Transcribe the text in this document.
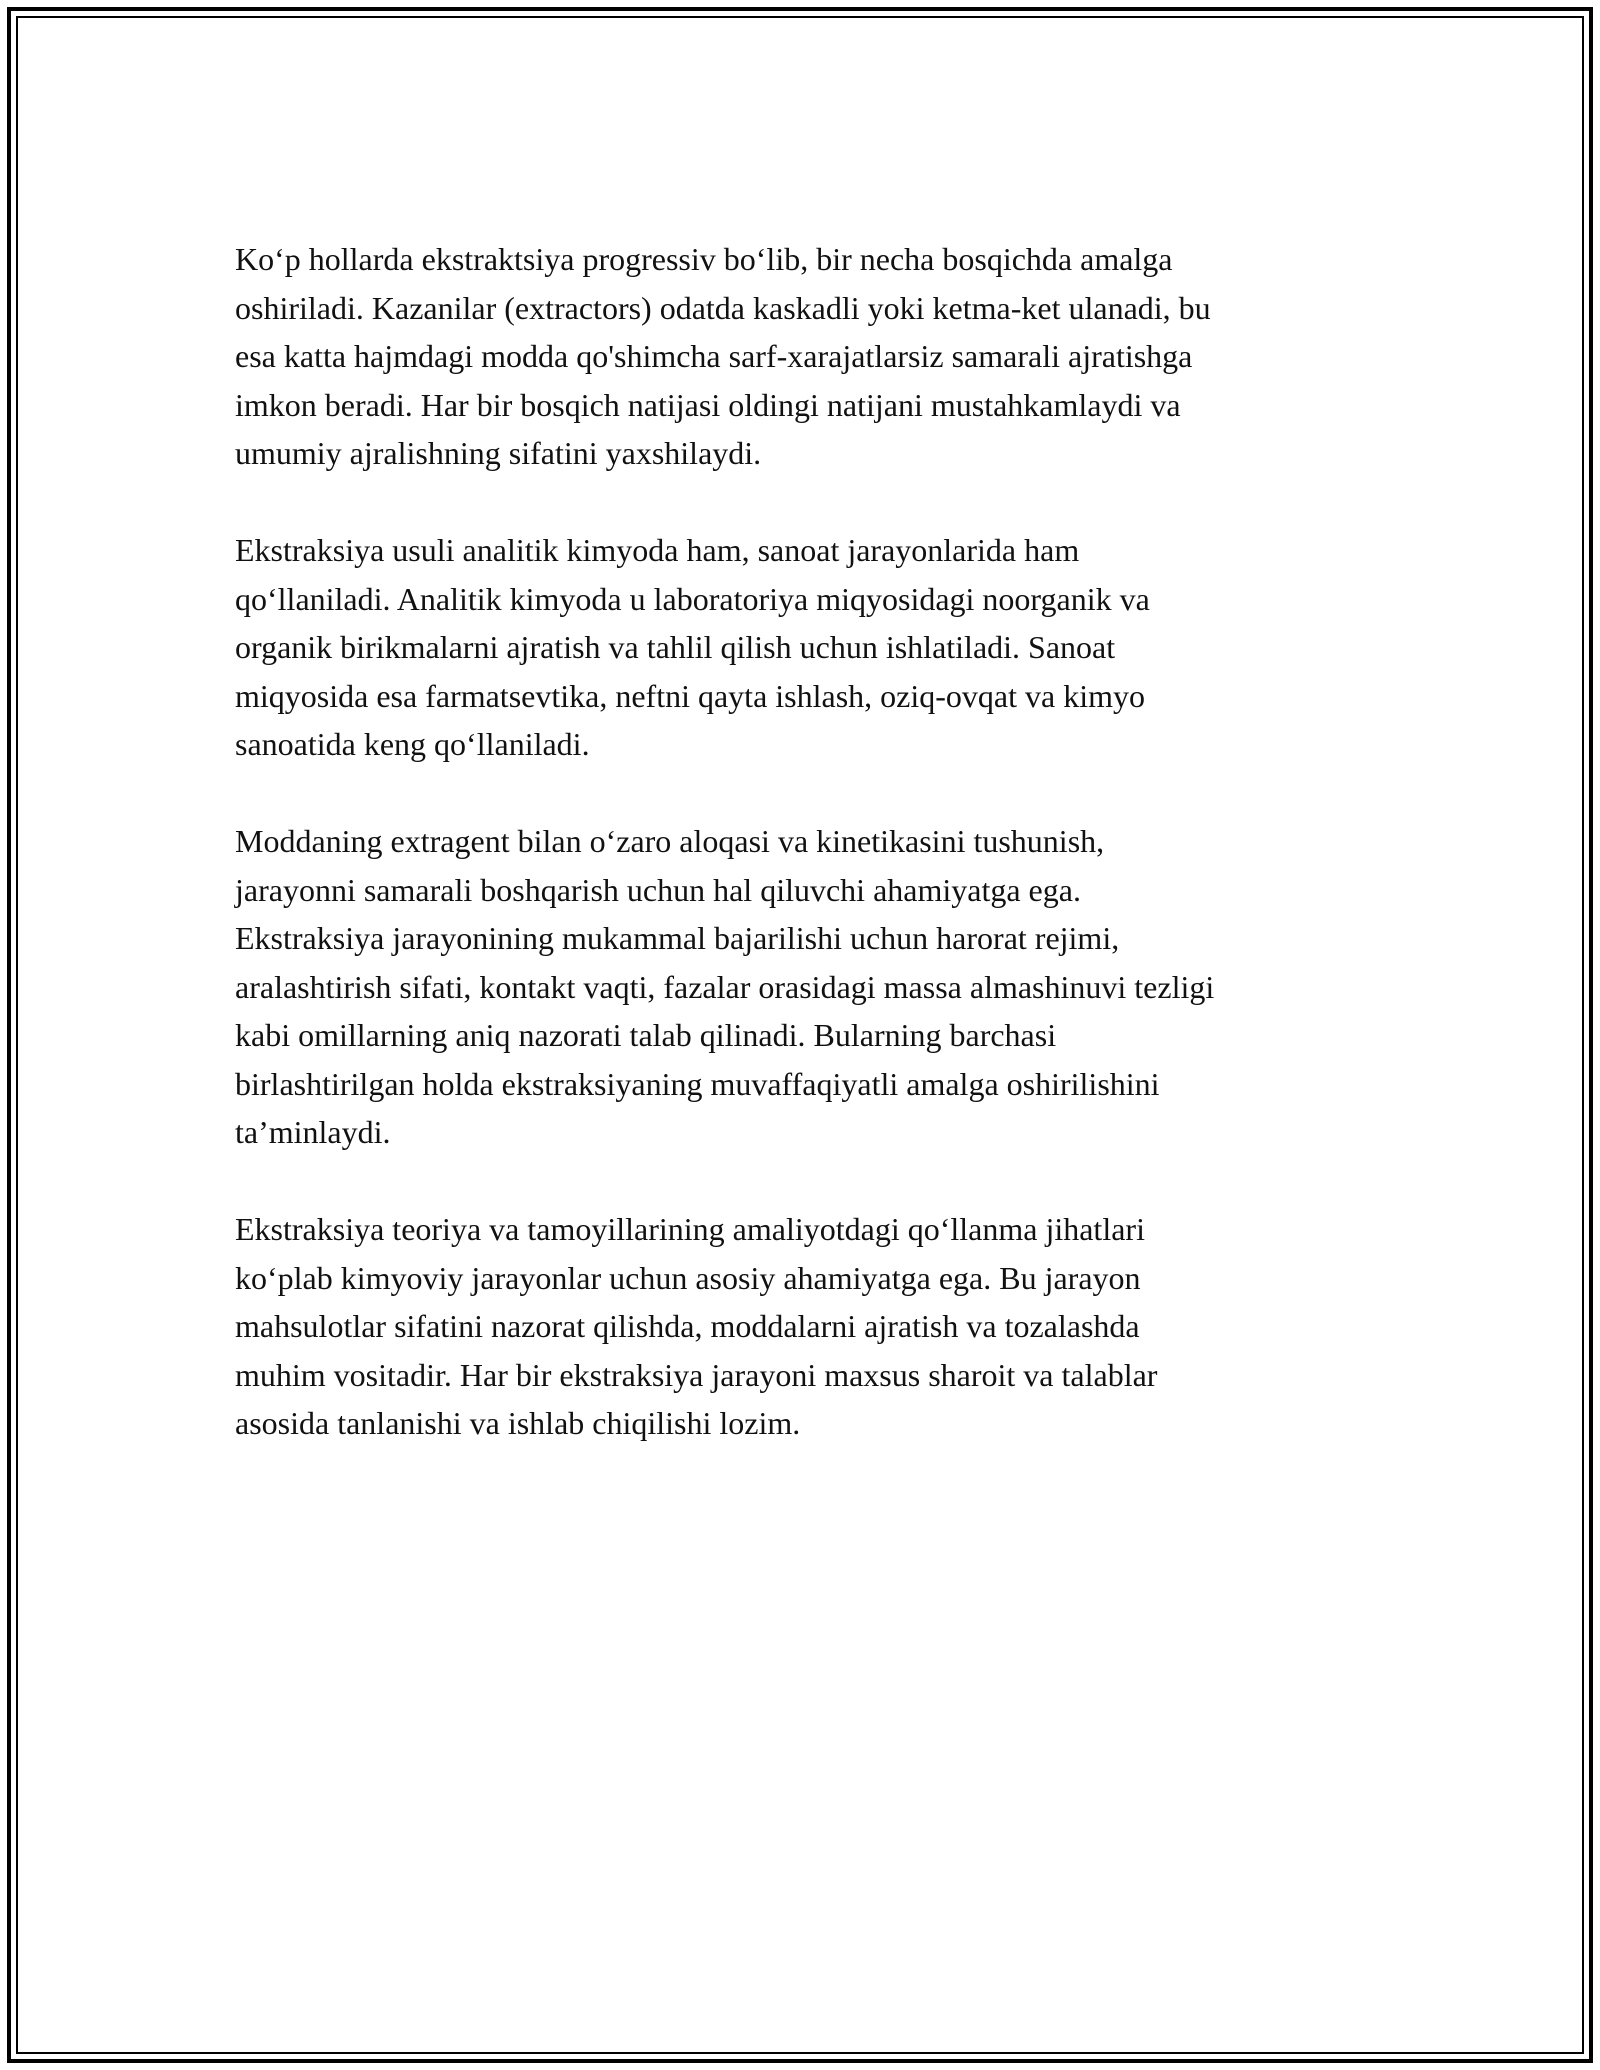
Ko‘p hollarda ekstraktsiya progressiv bo‘lib, bir necha bosqichda amalga
oshiriladi. Kazanilar (extractors) odatda kaskadli yoki ketma-ket ulanadi, bu
esa katta hajmdagi modda qo'shimcha sarf-xarajatlarsiz samarali ajratishga
imkon beradi. Har bir bosqich natijasi oldingi natijani mustahkamlaydi va
umumiy ajralishning sifatini yaxshilaydi.

Ekstraksiya usuli analitik kimyoda ham, sanoat jarayonlarida ham
qo‘llaniladi. Analitik kimyoda u laboratoriya miqyosidagi noorganik va
organik birikmalarni ajratish va tahlil qilish uchun ishlatiladi. Sanoat
miqyosida esa farmatsevtika, neftni qayta ishlash, oziq-ovqat va kimyo
sanoatida keng qo‘llaniladi.

Moddaning extragent bilan o‘zaro aloqasi va kinetikasini tushunish,
jarayonni samarali boshqarish uchun hal qiluvchi ahamiyatga ega.
Ekstraksiya jarayonining mukammal bajarilishi uchun harorat rejimi,
aralashtirish sifati, kontakt vaqti, fazalar orasidagi massa almashinuvi tezligi
kabi omillarning aniq nazorati talab qilinadi. Bularning barchasi
birlashtirilgan holda ekstraksiyaning muvaffaqiyatli amalga oshirilishini
ta’minlaydi.

Ekstraksiya teoriya va tamoyillarining amaliyotdagi qo‘llanma jihatlari
ko‘plab kimyoviy jarayonlar uchun asosiy ahamiyatga ega. Bu jarayon
mahsulotlar sifatini nazorat qilishda, moddalarni ajratish va tozalashda
muhim vositadir. Har bir ekstraksiya jarayoni maxsus sharoit va talablar
asosida tanlanishi va ishlab chiqilishi lozim.
